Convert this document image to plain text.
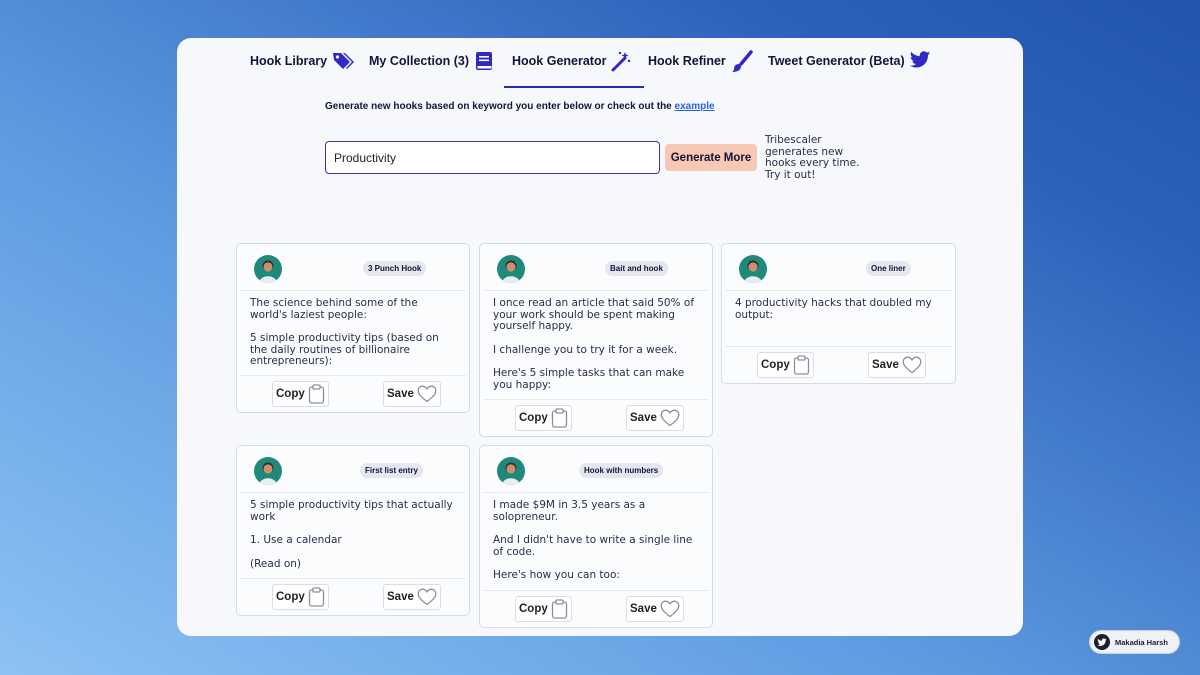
Hook Library	My Collection (3)	Hook Generator	Hook Refiner	Tweet Generator (Beta)
Generate new hooks based on keyword you enter below or check out the example
Productivity
Generate More
Tribescaler generates new hooks every time. Try it out!
3 Punch Hook

The science behind some of the world's laziest people:

5 simple productivity tips (based on the daily routines of billionaire entrepreneurs):

Copy	Save
Bait and hook

I once read an article that said 50% of your work should be spent making yourself happy.

I challenge you to try it for a week.

Here's 5 simple tasks that can make you happy:

Copy	Save
One liner

4 productivity hacks that doubled my output:

Copy	Save
First list entry

5 simple productivity tips that actually work

1. Use a calendar

(Read on)

Copy	Save
Hook with numbers

I made $9M in 3.5 years as a solopreneur.

And I didn't have to write a single line of code.

Here's how you can too:

Copy	Save
Makadia Harsh
